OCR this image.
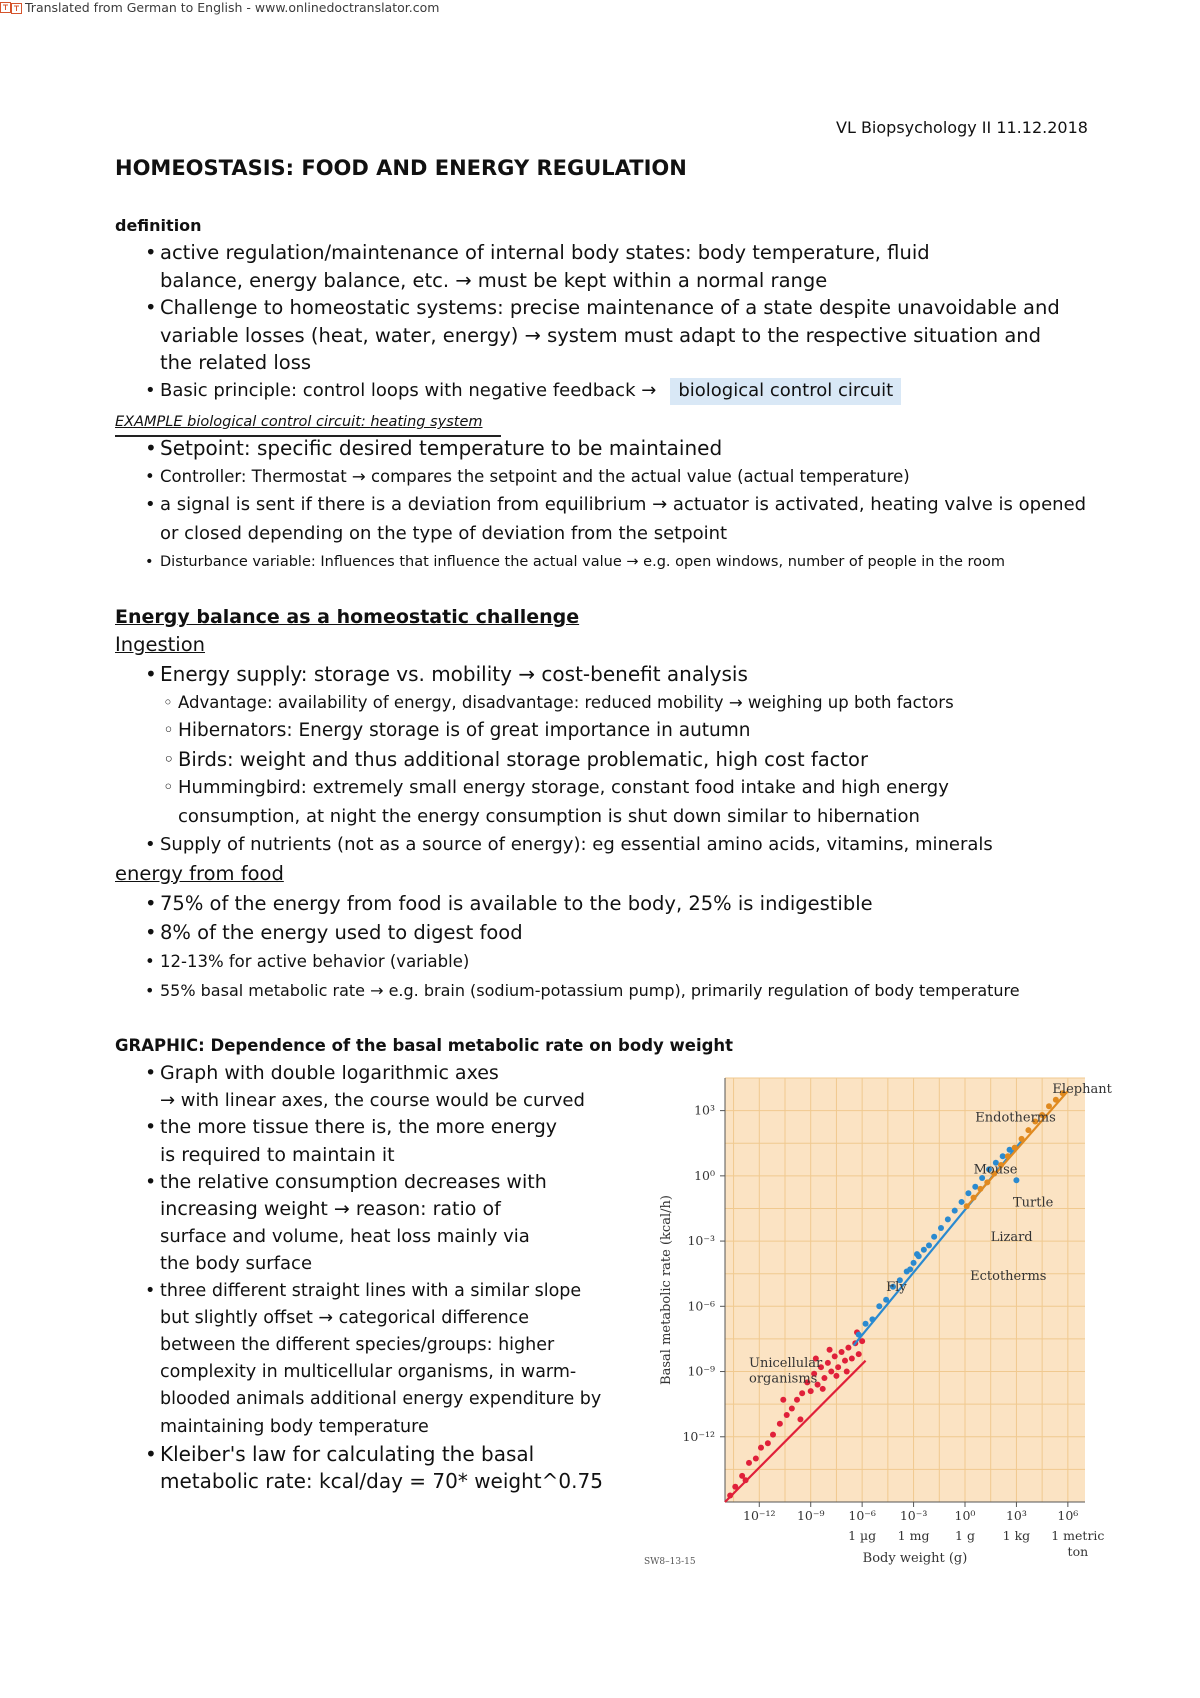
Translated from German to English - www.onlinedoctranslator.com
VL Biopsychology II 11.12.2018
HOMEOSTASIS: FOOD AND ENERGY REGULATION
definition
• active regulation/maintenance of internal body states: body temperature, fluid
balance, energy balance, etc. → must be kept within a normal range
• Challenge to homeostatic systems: precise maintenance of a state despite unavoidable and
variable losses (heat, water, energy) → system must adapt to the respective situation and
the related loss
• Basic principle: control loops with negative feedback → biological control circuit
EXAMPLE biological control circuit: heating system
• Setpoint: specific desired temperature to be maintained
• Controller: Thermostat → compares the setpoint and the actual value (actual temperature)
• a signal is sent if there is a deviation from equilibrium → actuator is activated, heating valve is opened
or closed depending on the type of deviation from the setpoint
• Disturbance variable: Influences that influence the actual value → e.g. open windows, number of people in the room
Energy balance as a homeostatic challenge
Ingestion
• Energy supply: storage vs. mobility → cost-benefit analysis
◦ Advantage: availability of energy, disadvantage: reduced mobility → weighing up both factors
◦ Hibernators: Energy storage is of great importance in autumn
◦ Birds: weight and thus additional storage problematic, high cost factor
◦ Hummingbird: extremely small energy storage, constant food intake and high energy
consumption, at night the energy consumption is shut down similar to hibernation
• Supply of nutrients (not as a source of energy): eg essential amino acids, vitamins, minerals
energy from food
• 75% of the energy from food is available to the body, 25% is indigestible
• 8% of the energy used to digest food
• 12-13% for active behavior (variable)
• 55% basal metabolic rate → e.g. brain (sodium-potassium pump), primarily regulation of body temperature
GRAPHIC: Dependence of the basal metabolic rate on body weight
• Graph with double logarithmic axes
→ with linear axes, the course would be curved
• the more tissue there is, the more energy
is required to maintain it
• the relative consumption decreases with
increasing weight → reason: ratio of
surface and volume, heat loss mainly via
the body surface
• three different straight lines with a similar slope
but slightly offset → categorical difference
between the different species/groups: higher
complexity in multicellular organisms, in warm-
blooded animals additional energy expenditure by
maintaining body temperature
• Kleiber's law for calculating the basal
metabolic rate: kcal/day = 70* weight^0.75
10⁻¹² 10⁻⁹ 10⁻⁶
1 µg
10⁻³
1 mg
10⁰
1 g
10³
1 kg
10⁶
1 metric
ton
10³
10⁰
10⁻³
10⁻⁶
10⁻⁹
10⁻¹²
Body weight (g)
Basal metabolic rate (kcal/h)
SW8–13-15
Elephant
Endotherms
Mouse
Turtle
Lizard
Ectotherms
Fly
Unicellular
organisms
